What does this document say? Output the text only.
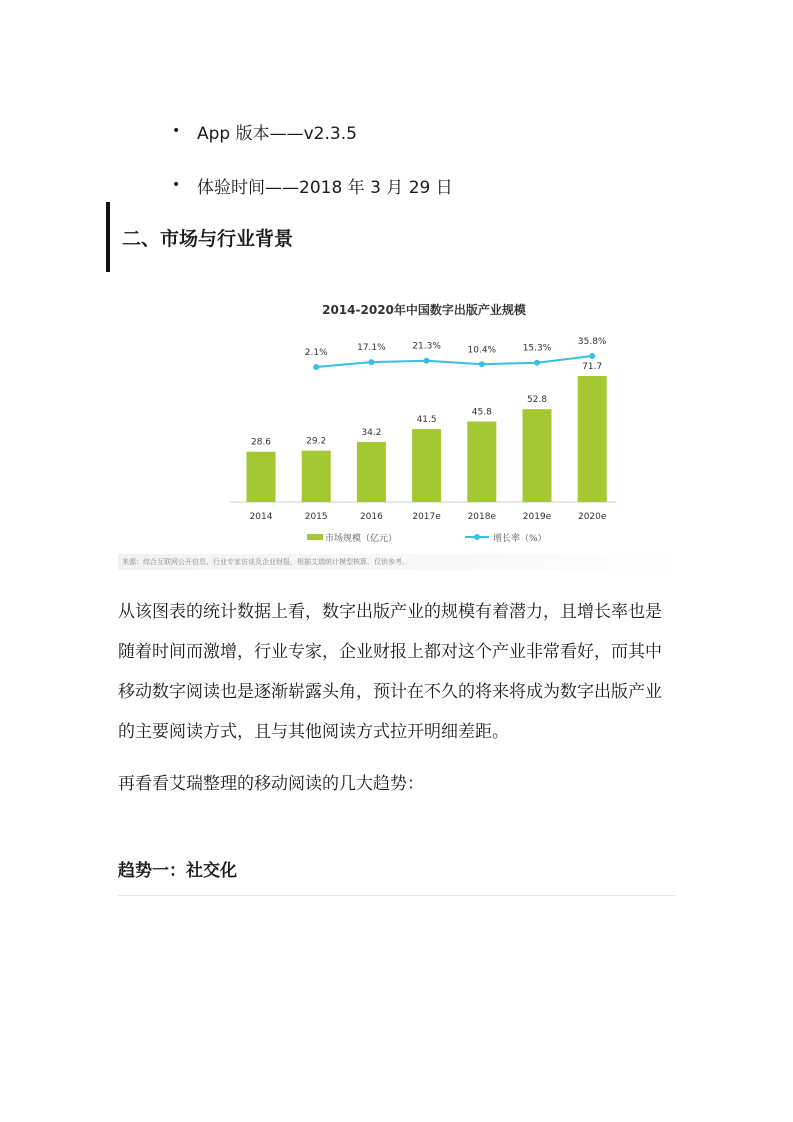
• App 版本——v2.3.5
• 体验时间——2018 年 3 月 29 日
二、市场与行业背景
2014-2020年中国数字出版产业规模
28.6
2014
29.2
2015
34.2
2016
41.5
2017e
45.8
2018e
52.8
2019e
71.7
2020e
2.1%	17.1%	21.3%	10.4%	15.3%
35.8%
市场规模（亿元）	增长率（%）
来源：综合互联网公开信息、行业专家访谈及企业财报，根据艾瑞统计模型核算，仅供参考。

从该图表的统计数据上看，数字出版产业的规模有着潜力，且增长率也是随着时间而激增，行业专家，企业财报上都对这个产业非常看好，而其中移动数字阅读也是逐渐崭露头角，预计在不久的将来将成为数字出版产业的主要阅读方式，且与其他阅读方式拉开明细差距。

再看看艾瑞整理的移动阅读的几大趋势：

趋势一：社交化
